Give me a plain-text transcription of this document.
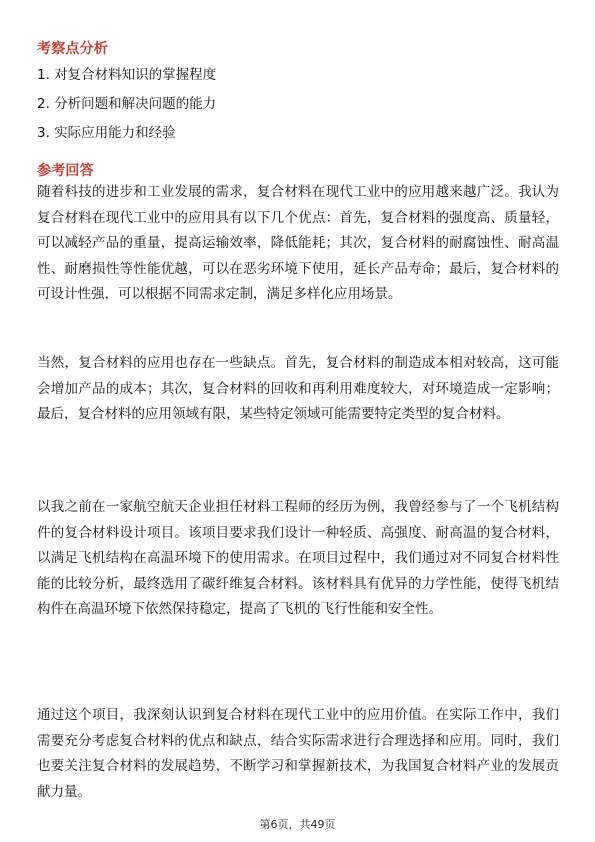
考察点分析
1. 对复合材料知识的掌握程度
2. 分析问题和解决问题的能力
3. 实际应用能力和经验
参考回答

随着科技的进步和工业发展的需求，复合材料在现代工业中的应用越来越广泛。我认为复合材料在现代工业中的应用具有以下几个优点：首先，复合材料的强度高、质量轻，可以减轻产品的重量，提高运输效率，降低能耗；其次，复合材料的耐腐蚀性、耐高温性、耐磨损性等性能优越，可以在恶劣环境下使用，延长产品寿命；最后，复合材料的可设计性强，可以根据不同需求定制，满足多样化应用场景。

当然，复合材料的应用也存在一些缺点。首先，复合材料的制造成本相对较高，这可能会增加产品的成本；其次，复合材料的回收和再利用难度较大，对环境造成一定影响；最后，复合材料的应用领域有限，某些特定领域可能需要特定类型的复合材料。

以我之前在一家航空航天企业担任材料工程师的经历为例，我曾经参与了一个飞机结构件的复合材料设计项目。该项目要求我们设计一种轻质、高强度、耐高温的复合材料，以满足飞机结构在高温环境下的使用需求。在项目过程中，我们通过对不同复合材料性能的比较分析，最终选用了碳纤维复合材料。该材料具有优异的力学性能，使得飞机结构件在高温环境下依然保持稳定，提高了飞机的飞行性能和安全性。

通过这个项目，我深刻认识到复合材料在现代工业中的应用价值。在实际工作中，我们需要充分考虑复合材料的优点和缺点，结合实际需求进行合理选择和应用。同时，我们也要关注复合材料的发展趋势，不断学习和掌握新技术，为我国复合材料产业的发展贡献力量。

第6页，共49页
